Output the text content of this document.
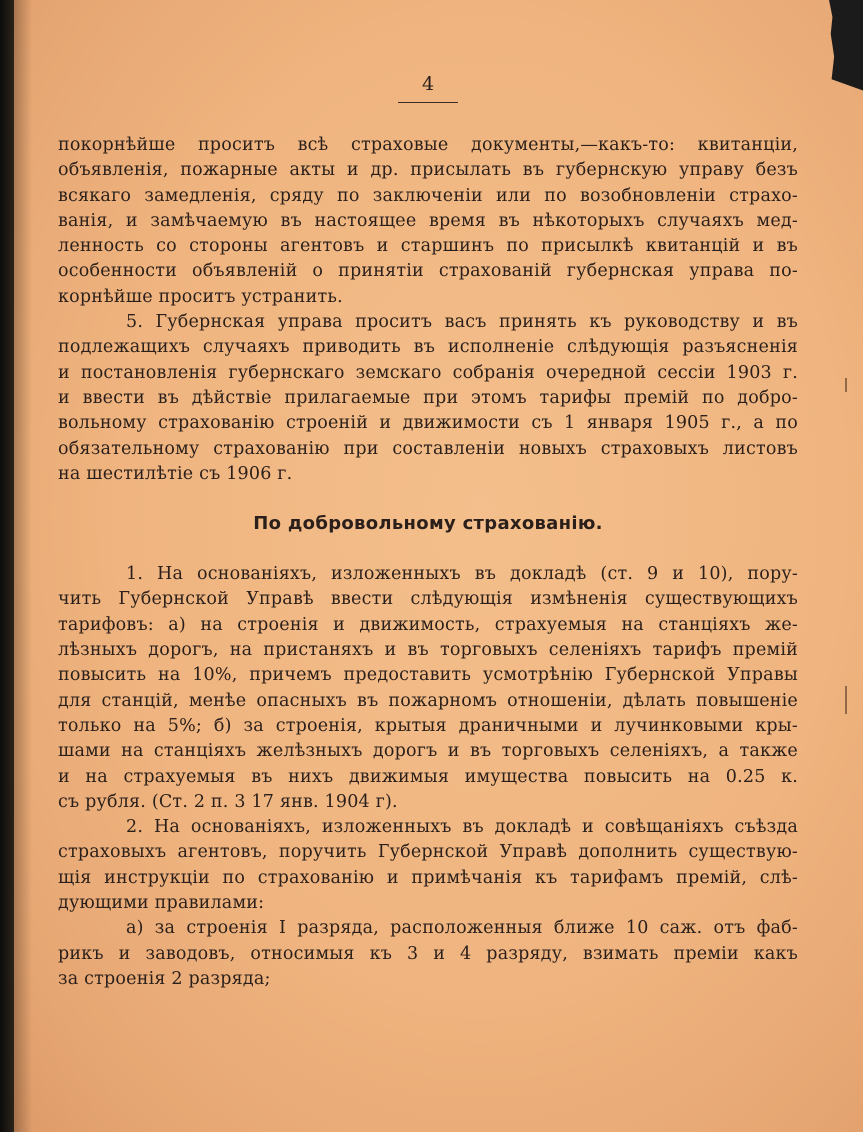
4
покорнѣйше проситъ всѣ страховые документы,—какъ-то: квитанціи,
объявленія, пожарные акты и др. присылать въ губернскую управу безъ
всякаго замедленія, сряду по заключеніи или по возобновленіи страхо-
ванія, и замѣчаемую въ настоящее время въ нѣкоторыхъ случаяхъ мед-
ленность со стороны агентовъ и старшинъ по присылкѣ квитанцій и въ
особенности объявленій о принятіи страхованій губернская управа по-
корнѣйше проситъ устранить.
5. Губернская управа проситъ васъ принять къ руководству и въ
подлежащихъ случаяхъ приводить въ исполненіе слѣдующія разъясненія
и постановленія губернскаго земскаго собранія очередной сессіи 1903 г.
и ввести въ дѣйствіе прилагаемые при этомъ тарифы премій по добро-
вольному страхованію строеній и движимости съ 1 января 1905 г., а по
обязательному страхованію при составленіи новыхъ страховыхъ листовъ
на шестилѣтіе съ 1906 г.
По добровольному страхованію.
1. На основаніяхъ, изложенныхъ въ докладѣ (ст. 9 и 10), пору-
чить Губернской Управѣ ввести слѣдующія измѣненія существующихъ
тарифовъ: а) на строенія и движимость, страхуемыя на станціяхъ же-
лѣзныхъ дорогъ, на пристаняхъ и въ торговыхъ селеніяхъ тарифъ премій
повысить на 10%, причемъ предоставить усмотрѣнію Губернской Управы
для станцій, менѣе опасныхъ въ пожарномъ отношеніи, дѣлать повышеніе
только на 5%; б) за строенія, крытыя драничными и лучинковыми кры-
шами на станціяхъ желѣзныхъ дорогъ и въ торговыхъ селеніяхъ, а также
и на страхуемыя въ нихъ движимыя имущества повысить на 0.25 к.
съ рубля. (Ст. 2 п. 3 17 янв. 1904 г).
2. На основаніяхъ, изложенныхъ въ докладѣ и совѣщаніяхъ съѣзда
страховыхъ агентовъ, поручить Губернской Управѣ дополнить существую-
щія инструкціи по страхованію и примѣчанія къ тарифамъ премій, слѣ-
дующими правилами:
а) за строенія I разряда, расположенныя ближе 10 саж. отъ фаб-
рикъ и заводовъ, относимыя къ 3 и 4 разряду, взимать преміи какъ
за строенія 2 разряда;
